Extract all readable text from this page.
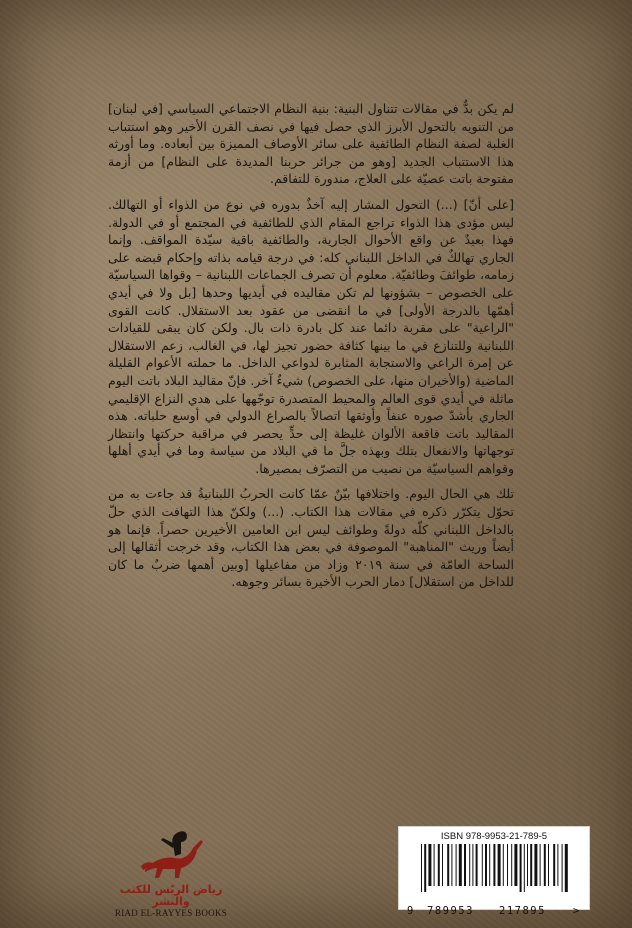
لم يكن بدٌّ في مقالات تتناول البنية: بنية النظام الاجتماعي السياسي [في لبنان] من التنويه بالتحول الأبرز الذي حصل فيها في نصف القرن الأخير وهو استتباب الغلبة لصفة النظام الطائفية على سائر الأوصاف المميزة بين أبعاده. وما أورثه هذا الاستتباب الجديد [وهو من جرائر حربنا المديدة على النظام] من أزمة مفتوحة باتت عصيّة على العلاج، مندورة للتفاقم.

[على أنّ] (...) التحول المشار إليه آخذٌ بدوره في نوع من الذواء أو التهالك. ليس مؤدى هذا الذواء تراجع المقام الذي للطائفية في المجتمع أو في الدولة. فهذا بعيدٌ عن واقع الأحوال الجارية، والطائفية باقية سيّدة المواقف. وإنما الجاري تهالكٌ في الداخل اللبناني كله: في درجة قيامه بذاته وإحكام قبضه على زمامه، طوائفَ وطائفيّة. معلوم أن تصرف الجماعات اللبنانية – وقواها السياسيّة على الخصوص – بشؤونها لم تكن مقاليده في أيديها وحدها [بل ولا في أيدي أهمّها بالدرجة الأولى] في ما انقضى من عقود بعد الاستقلال. كانت القوى "الراعية" على مقربة دائما عند كل بادرة ذات بال. ولكن كان يبقى للقيادات اللبنانية وللتنازع في ما بينها كثافة حضور تجيز لها، في الغالب، زعم الاستقلال عن إمرة الراعي والاستجابة المثابرة لدواعي الداخل. ما حملته الأعوام القليلة الماضية (والأخيران منها، على الخصوص) شيءٌ آخر. فإنّ مقاليد البلاد باتت اليوم ماثلة في أيدي قوى العالم والمحيط المتصدرة توجّهها على هدي النزاع الإقليمي الجاري بأشدّ صوره عنفاً وأوثقها اتصالاً بالصراع الدولي في أوسع حلباته. هذه المقاليد باتت فاقعة الألوان غليظة إلى حدٍّ يحصر في مراقبة حركتها وانتظار توجهاتها والانفعال بتلك وبهذه جلَّ ما في البلاد من سياسة وما في أيدي أهلها وقواهم السياسيّة من نصيب من التصرّف بمصيرها.

تلك هي الحال اليوم. واختلافها بيّنٌ عمّا كانت الحربُ اللبنانيةُ قد جاءت به من تحوّل يتكرّر ذكره في مقالات هذا الكتاب. (...) ولكنّ هذا التهافت الذي حلّ بالداخل اللبناني كلّه دولةً وطوائف ليس ابن العامين الأخيرين حصراً. فإنما هو أيضاً وريث "المناهبة" الموصوفة في بعض هذا الكتاب، وقد خرجت أثقالها إلى الساحة العامّة في سنة ٢٠١٩ وزاد من مفاعيلها [وبين أهمها ضربٌ ما كان للداخل من استقلال] دمار الحرب الأخيرة بسائر وجوهه.

رياض الريّس للكتب والنشر
RIAD EL-RAYYES BOOKS
ISBN 978-9953-21-789-5
9 789953 217895	>
